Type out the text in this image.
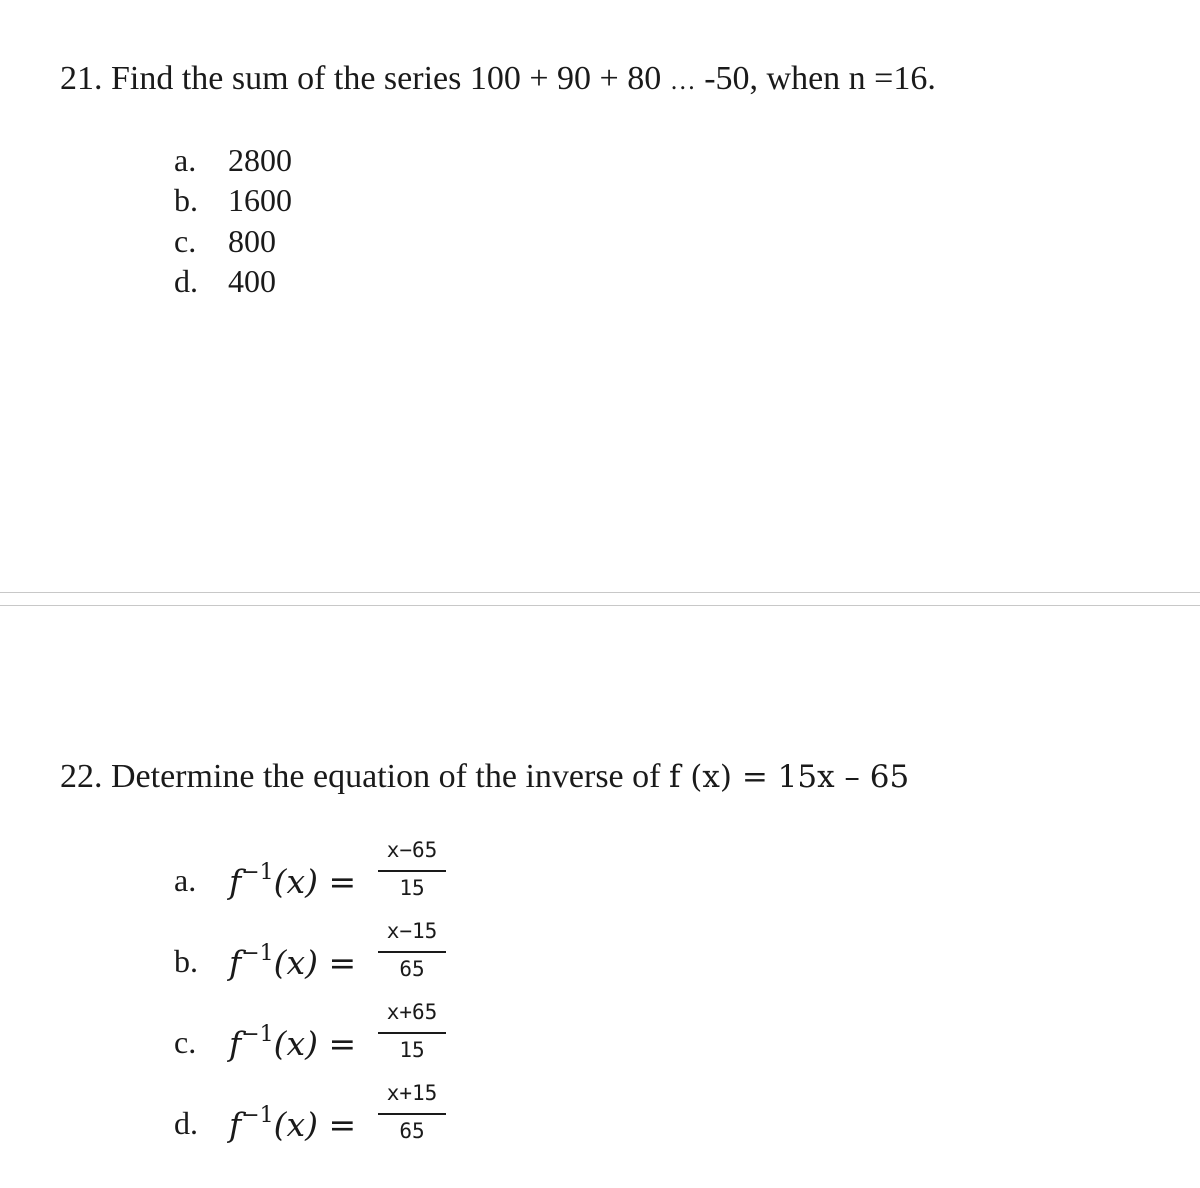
21. Find the sum of the series 100 + 90 + 80 … -50, when n =16.
a. 2800
b. 1600
c. 800
d. 400
22. Determine the equation of the inverse of f (x) = 15x – 65
a. $f^{-1}(x)$ =
x−65
15
b. $f^{-1}(x)$ =
x−15
65
c. $f^{-1}(x)$ =
x+65
15
d. $f^{-1}(x)$ =
x+15
65
